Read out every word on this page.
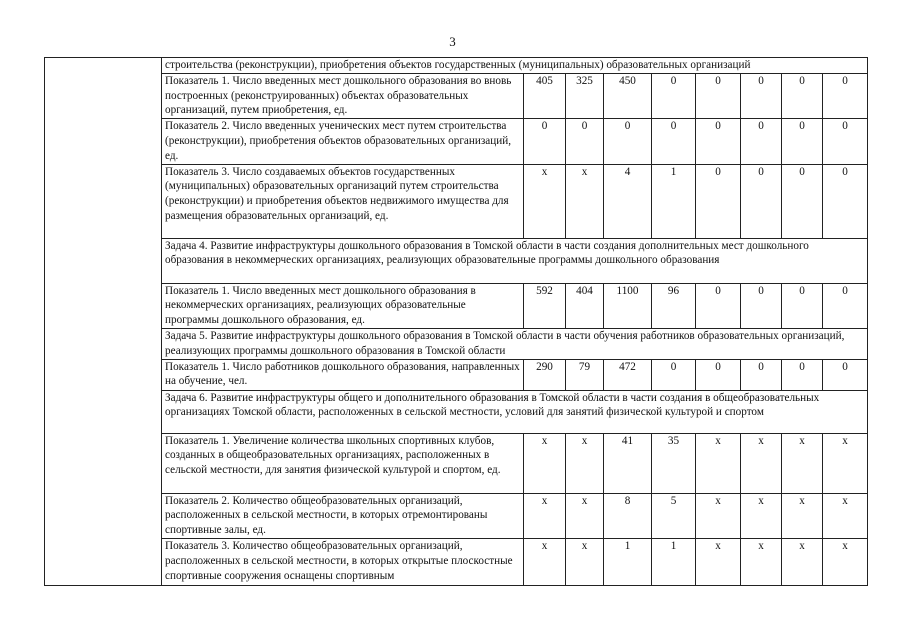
3
	строительства (реконструкции), приобретения объектов государственных (муниципальных) образовательных организаций								
	Показатель 1. Число введенных мест дошкольного образования во вновь построенных (реконструированных) объектах образовательных организаций, путем приобретения, ед.	405	325	450	0	0	0	0	0
	Показатель 2. Число введенных ученических мест путем строительства (реконструкции), приобретения объектов образовательных организаций, ед.	0	0	0	0	0	0	0	0
	Показатель 3. Число создаваемых объектов государственных (муниципальных) образовательных организаций путем строительства (реконструкции) и приобретения объектов недвижимого имущества для размещения образовательных организаций, ед.	x	x	4	1	0	0	0	0
	Задача 4. Развитие инфраструктуры дошкольного образования в Томской области в части создания дополнительных мест дошкольного образования в некоммерческих организациях, реализующих образовательные программы дошкольного образования								
	Показатель 1. Число введенных мест дошкольного образования в некоммерческих организациях, реализующих образовательные программы дошкольного образования, ед.	592	404	1100	96	0	0	0	0
	Задача 5. Развитие инфраструктуры дошкольного образования в Томской области в части обучения работников образовательных организаций, реализующих программы дошкольного образования в Томской области								
	Показатель 1. Число работников дошкольного образования, направленных на обучение, чел.	290	79	472	0	0	0	0	0
	Задача 6. Развитие инфраструктуры общего и дополнительного образования в Томской области в части создания в общеобразовательных организациях Томской области, расположенных в сельской местности, условий для занятий физической культурой и спортом								
	Показатель 1. Увеличение количества школьных спортивных клубов, созданных в общеобразовательных организациях, расположенных в сельской местности, для занятия физической культурой и спортом, ед.	x	x	41	35	x	x	x	x
	Показатель 2. Количество общеобразовательных организаций, расположенных в сельской местности, в которых отремонтированы спортивные залы, ед.	x	x	8	5	x	x	x	x
	Показатель 3. Количество общеобразовательных организаций, расположенных в сельской местности, в которых открытые плоскостные спортивные сооружения оснащены спортивным	x	x	1	1	x	x	x	x
